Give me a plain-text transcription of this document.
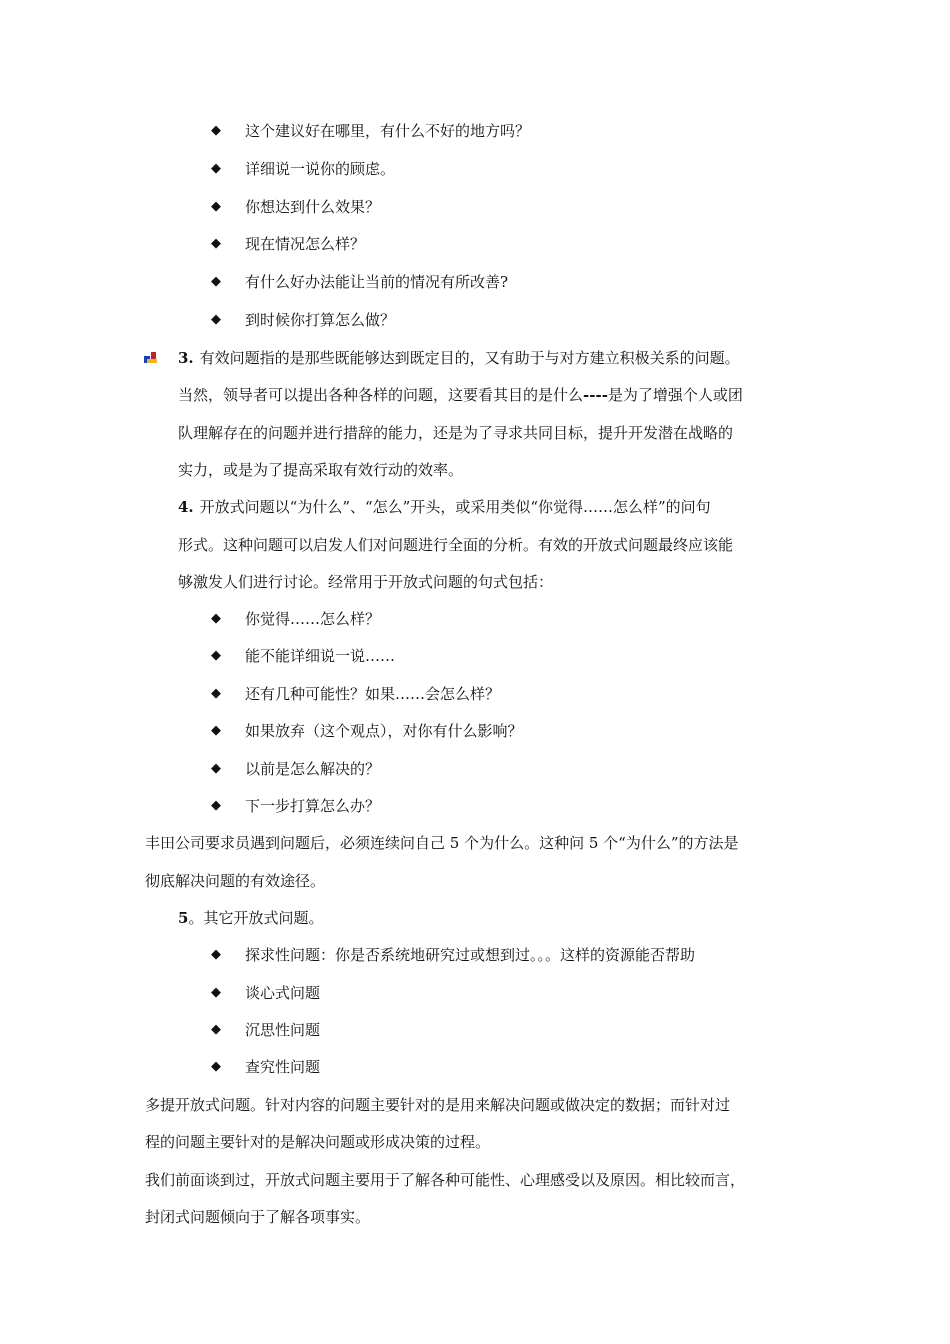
◆ 这个建议好在哪里，有什么不好的地方吗？
◆ 详细说一说你的顾虑。
◆ 你想达到什么效果？
◆ 现在情况怎么样？
◆ 有什么好办法能让当前的情况有所改善?
◆ 到时候你打算怎么做？
3. 有效问题指的是那些既能够达到既定目的，又有助于与对方建立积极关系的问题。
当然，领导者可以提出各种各样的问题，这要看其目的是什么----是为了增强个人或团
队理解存在的问题并进行措辞的能力，还是为了寻求共同目标，提升开发潜在战略的
实力，或是为了提高采取有效行动的效率。
4. 开放式问题以“为什么”、“怎么”开头，或采用类似“你觉得……怎么样”的问句
形式。这种问题可以启发人们对问题进行全面的分析。有效的开放式问题最终应该能
够激发人们进行讨论。经常用于开放式问题的句式包括：
◆ 你觉得……怎么样？
◆ 能不能详细说一说……
◆ 还有几种可能性？如果……会怎么样？
◆ 如果放弃（这个观点），对你有什么影响？
◆ 以前是怎么解决的？
◆ 下一步打算怎么办？
丰田公司要求员遇到问题后，必须连续问自己 5 个为什么。这种问 5 个“为什么”的方法是
彻底解决问题的有效途径。
5。其它开放式问题。
◆ 探求性问题：你是否系统地研究过或想到过。。。这样的资源能否帮助
◆ 谈心式问题
◆ 沉思性问题
◆ 查究性问题
多提开放式问题。针对内容的问题主要针对的是用来解决问题或做决定的数据；而针对过
程的问题主要针对的是解决问题或形成决策的过程。
我们前面谈到过，开放式问题主要用于了解各种可能性、心理感受以及原因。相比较而言，
封闭式问题倾向于了解各项事实。
